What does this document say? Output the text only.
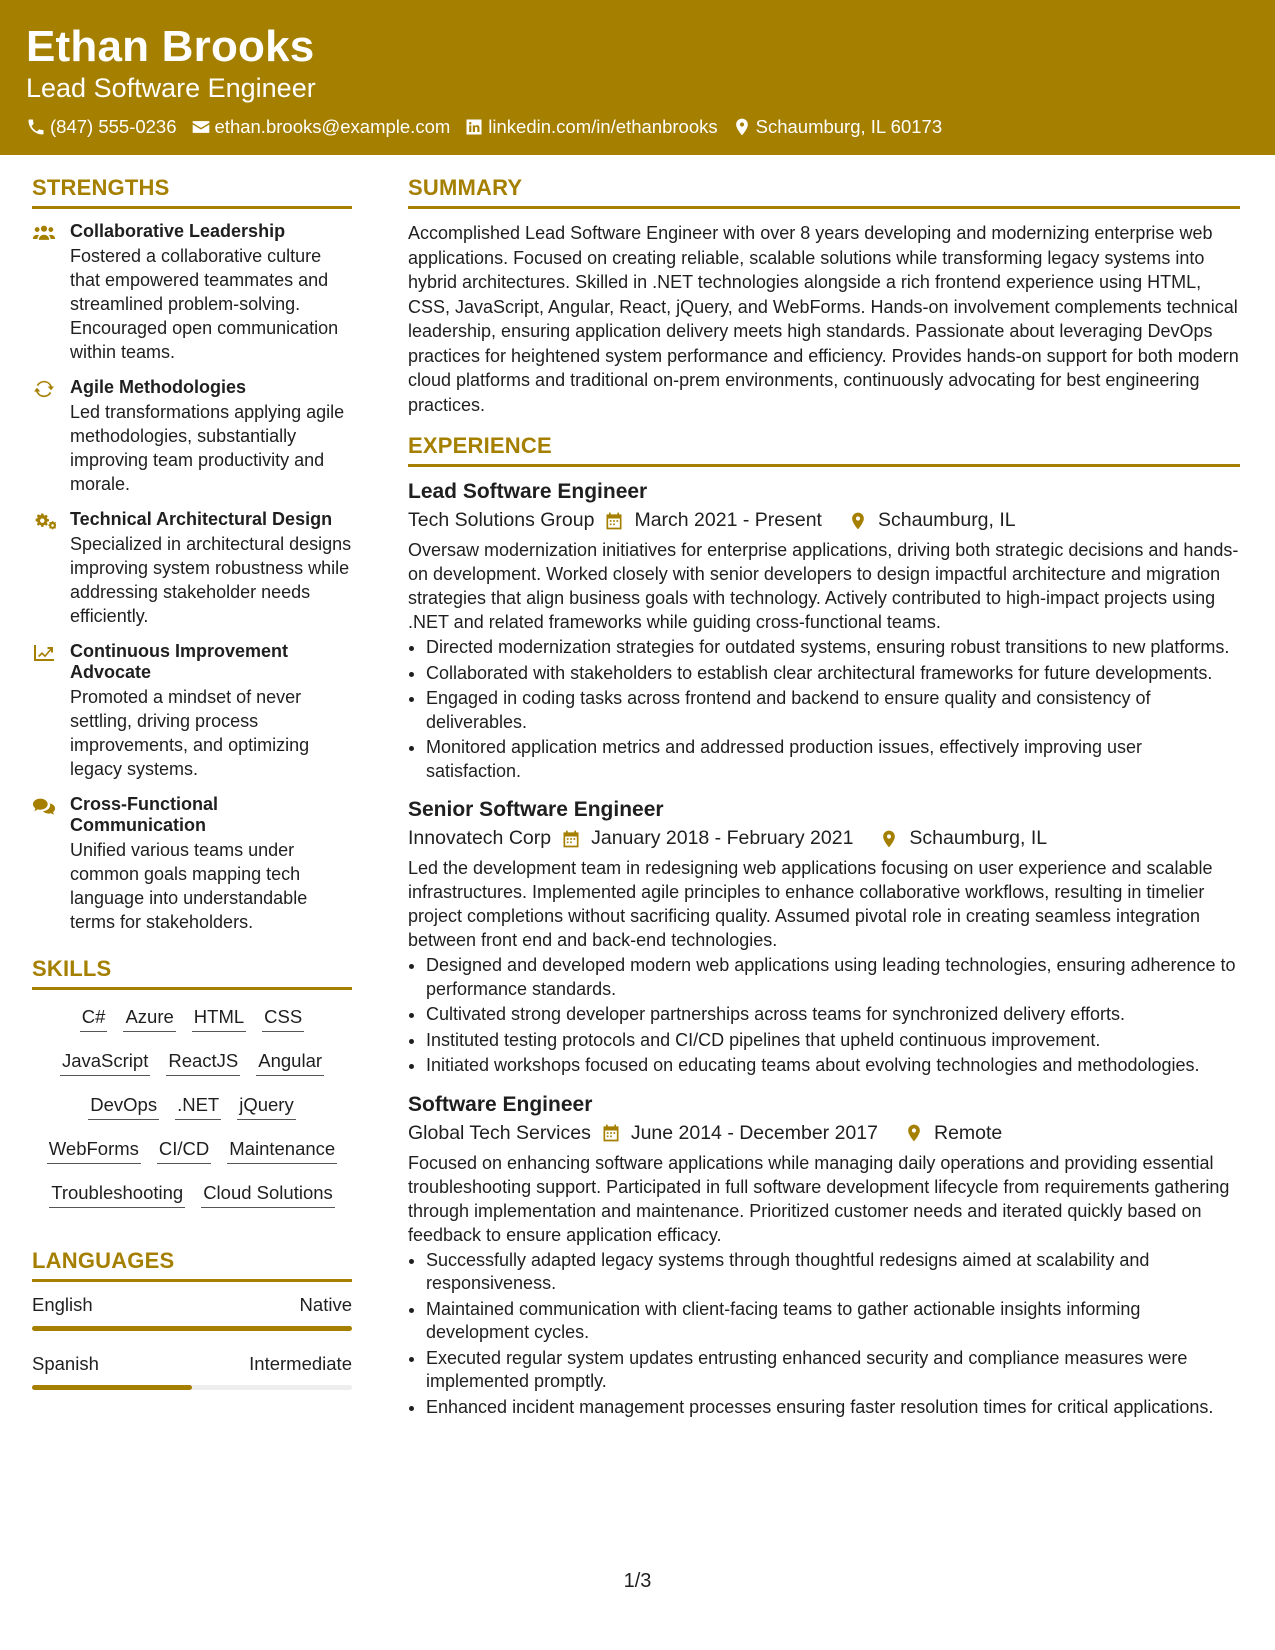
Ethan Brooks
Lead Software Engineer
(847) 555-0236 ethan.brooks@example.com linkedin.com/in/ethanbrooks Schaumburg, IL 60173
STRENGTHS
Collaborative Leadership
Fostered a collaborative culture that empowered teammates and streamlined problem-solving. Encouraged open communication within teams.
Agile Methodologies
Led transformations applying agile methodologies, substantially improving team productivity and morale.
Technical Architectural Design
Specialized in architectural designs improving system robustness while addressing stakeholder needs efficiently.
Continuous Improvement Advocate
Promoted a mindset of never settling, driving process improvements, and optimizing legacy systems.
Cross-Functional Communication
Unified various teams under common goals mapping tech language into understandable terms for stakeholders.
SKILLS
C# Azure HTML CSS
JavaScript ReactJS Angular
DevOps .NET jQuery
WebForms CI/CD Maintenance
Troubleshooting Cloud Solutions
LANGUAGES
English	Native
Spanish	Intermediate
SUMMARY
Accomplished Lead Software Engineer with over 8 years developing and modernizing enterprise web applications. Focused on creating reliable, scalable solutions while transforming legacy systems into hybrid architectures. Skilled in .NET technologies alongside a rich frontend experience using HTML, CSS, JavaScript, Angular, React, jQuery, and WebForms. Hands-on involvement complements technical leadership, ensuring application delivery meets high standards. Passionate about leveraging DevOps practices for heightened system performance and efficiency. Provides hands-on support for both modern cloud platforms and traditional on-prem environments, continuously advocating for best engineering practices.
EXPERIENCE
Lead Software Engineer
Tech Solutions Group March 2021 - Present	Schaumburg, IL
Oversaw modernization initiatives for enterprise applications, driving both strategic decisions and hands-on development. Worked closely with senior developers to design impactful architecture and migration strategies that align business goals with technology. Actively contributed to high-impact projects using .NET and related frameworks while guiding cross-functional teams.
• Directed modernization strategies for outdated systems, ensuring robust transitions to new platforms.
• Collaborated with stakeholders to establish clear architectural frameworks for future developments.
• Engaged in coding tasks across frontend and backend to ensure quality and consistency of deliverables.
• Monitored application metrics and addressed production issues, effectively improving user satisfaction.
Senior Software Engineer
Innovatech Corp January 2018 - February 2021	Schaumburg, IL
Led the development team in redesigning web applications focusing on user experience and scalable infrastructures. Implemented agile principles to enhance collaborative workflows, resulting in timelier project completions without sacrificing quality. Assumed pivotal role in creating seamless integration between front end and back-end technologies.
• Designed and developed modern web applications using leading technologies, ensuring adherence to performance standards.
• Cultivated strong developer partnerships across teams for synchronized delivery efforts.
• Instituted testing protocols and CI/CD pipelines that upheld continuous improvement.
• Initiated workshops focused on educating teams about evolving technologies and methodologies.
Software Engineer
Global Tech Services June 2014 - December 2017	Remote
Focused on enhancing software applications while managing daily operations and providing essential troubleshooting support. Participated in full software development lifecycle from requirements gathering through implementation and maintenance. Prioritized customer needs and iterated quickly based on feedback to ensure application efficacy.
• Successfully adapted legacy systems through thoughtful redesigns aimed at scalability and responsiveness.
• Maintained communication with client-facing teams to gather actionable insights informing development cycles.
• Executed regular system updates entrusting enhanced security and compliance measures were implemented promptly.
• Enhanced incident management processes ensuring faster resolution times for critical applications.
1/3
